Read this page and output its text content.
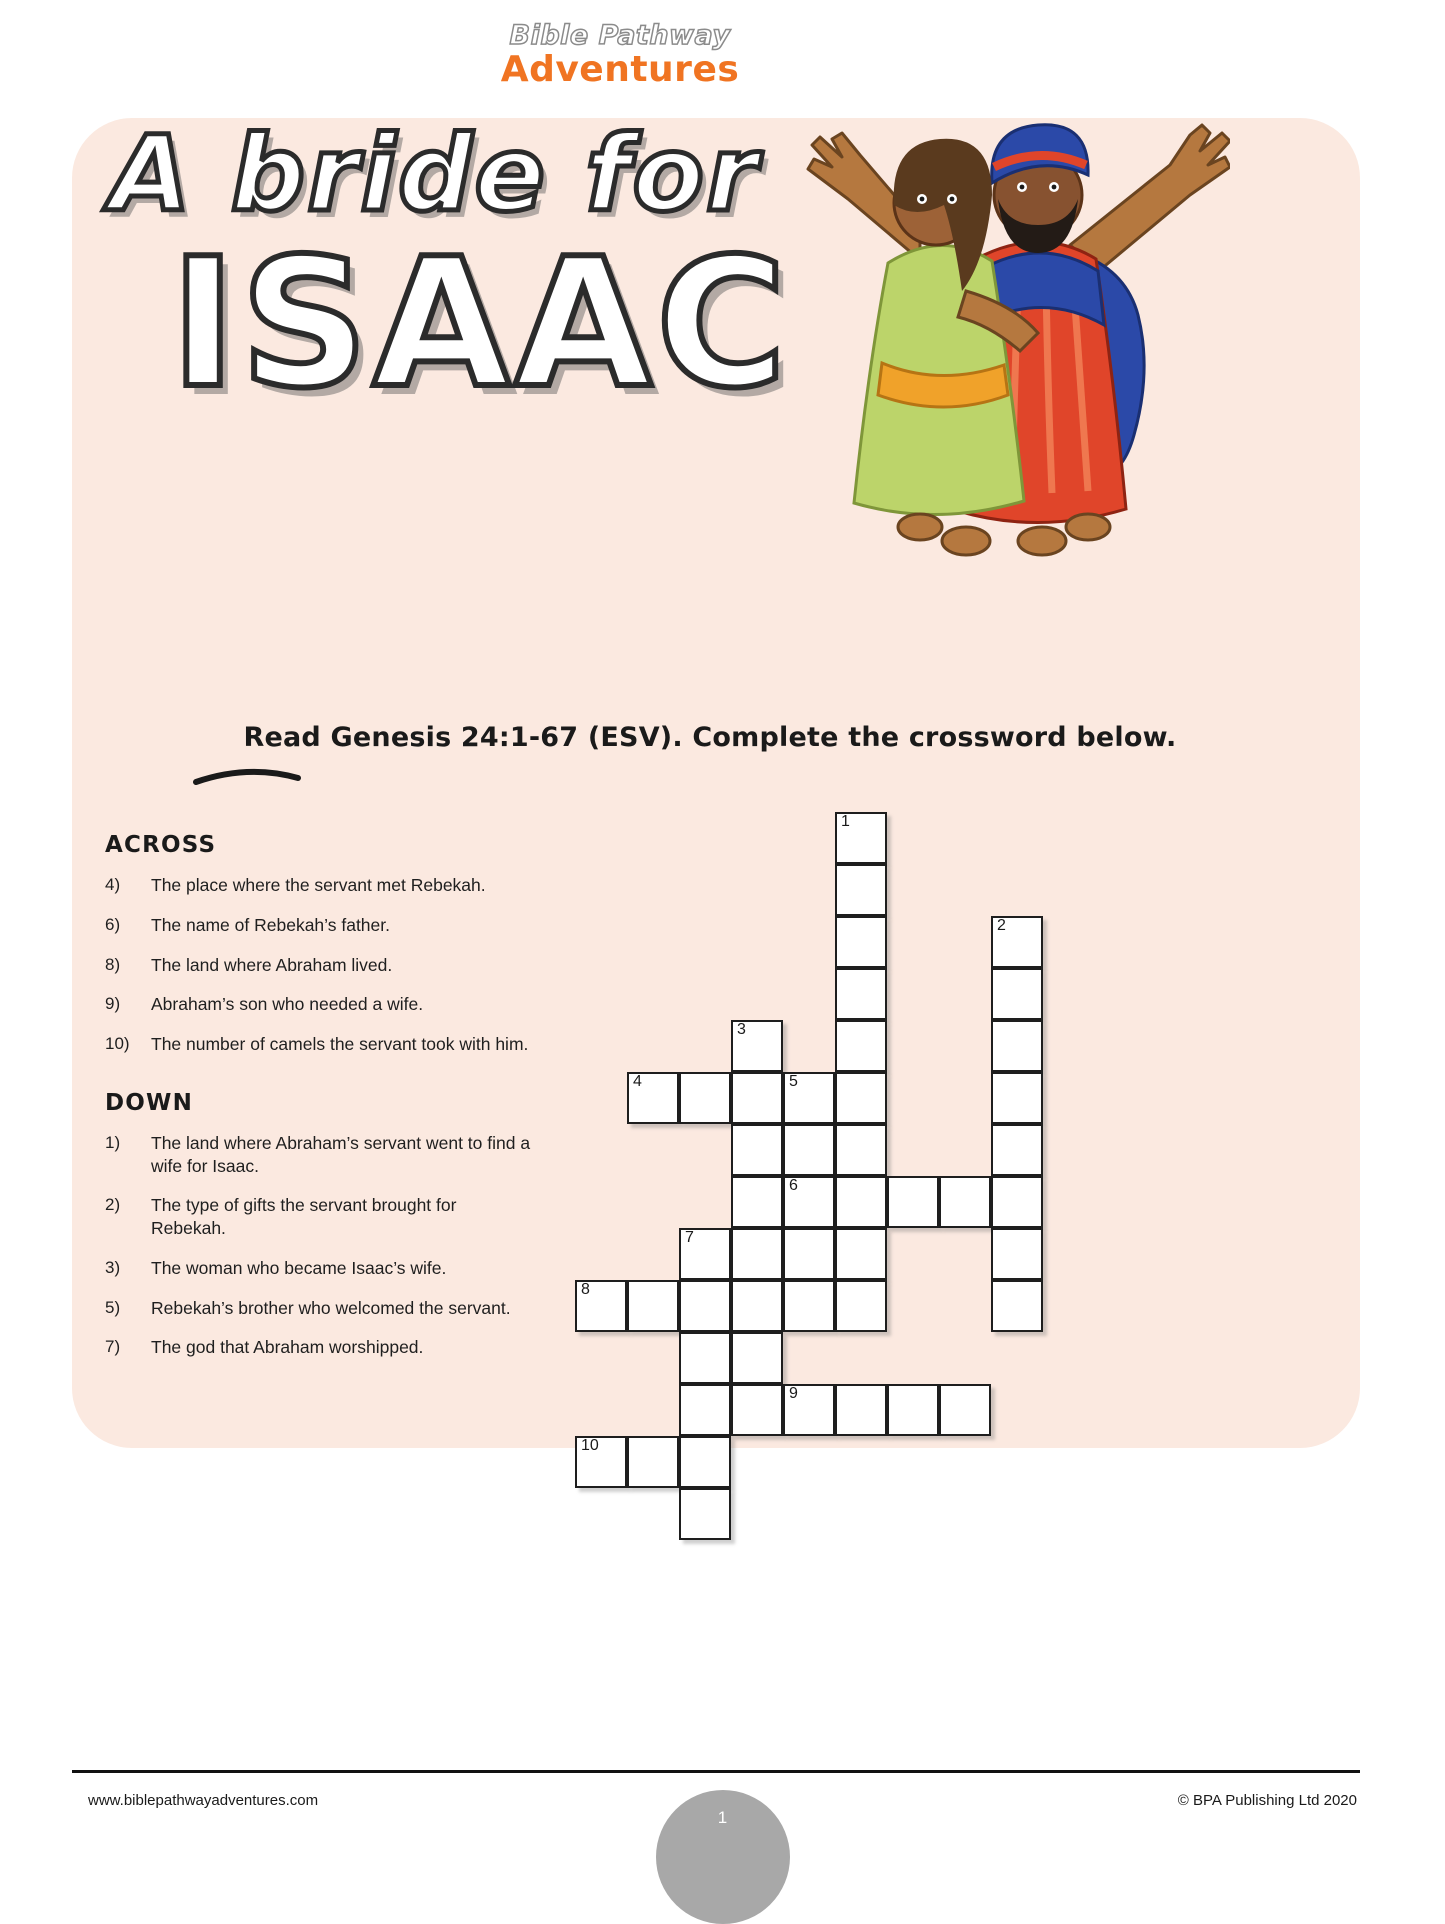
Bible Pathway
Adventures
A bride for
ISAAC
Read Genesis 24:1-67 (ESV). Complete the crossword below.
ACROSS
4)	The place where the servant met Rebekah.
6)	The name of Rebekah’s father.
8)	The land where Abraham lived.
9)	Abraham’s son who needed a wife.
10)	The number of camels the servant took with him.
DOWN
1)	The land where Abraham’s servant went to find a wife for Isaac.
2)	The type of gifts the servant brought for Rebekah.
3)	The woman who became Isaac’s wife.
5)	Rebekah’s brother who welcomed the servant.
7)	The god that Abraham worshipped.
1
2
3
4	5
6
7
8
9
10
www.biblepathwayadventures.com	© BPA Publishing Ltd 2020
1
